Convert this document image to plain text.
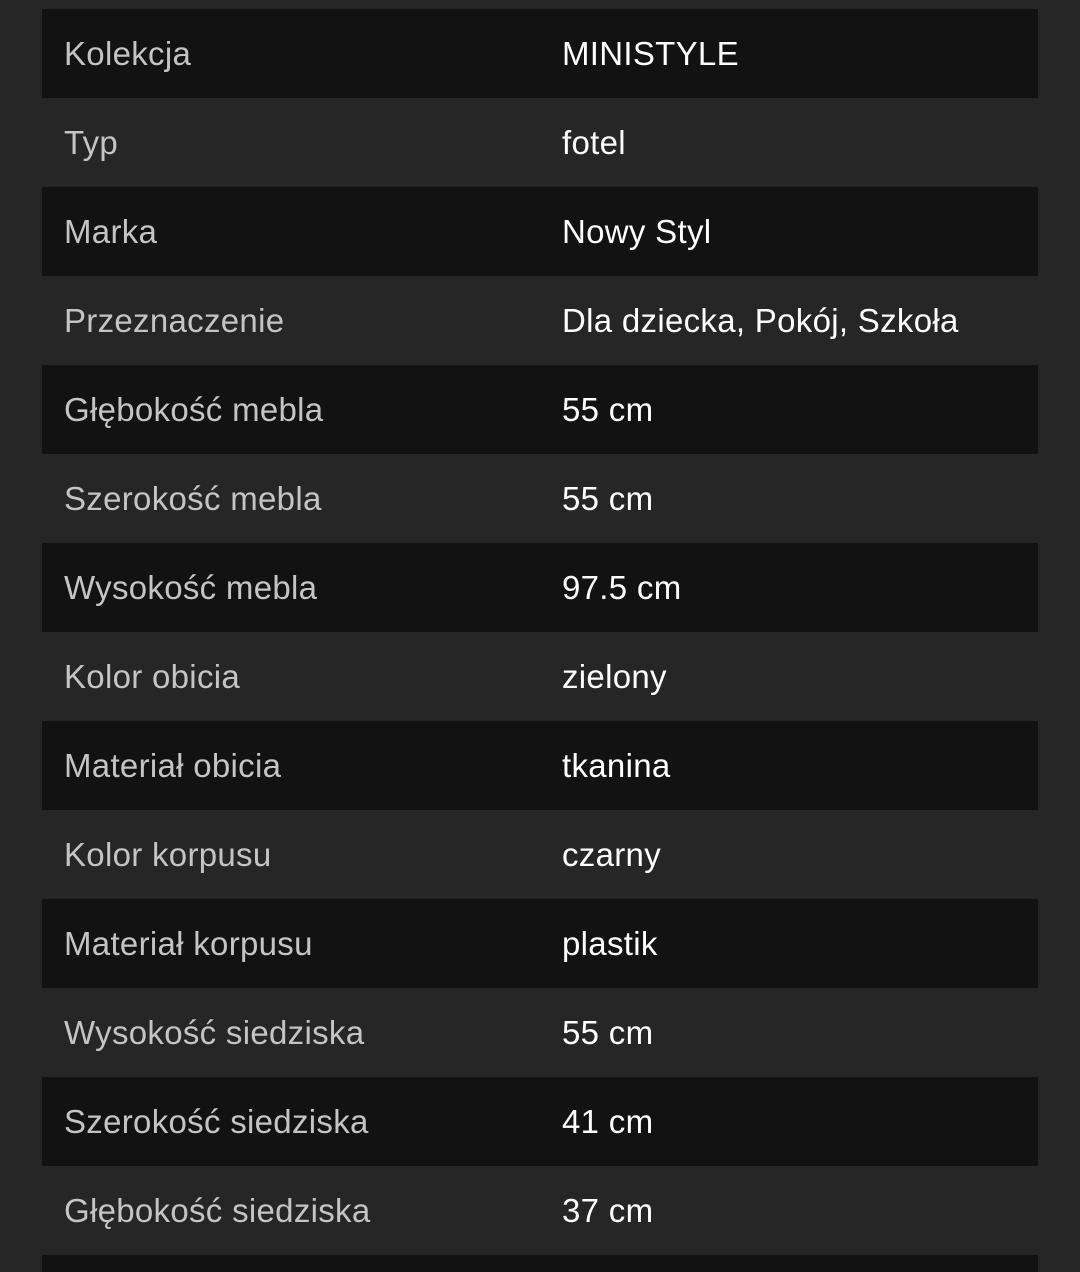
Kolekcja	MINISTYLE
Typ	fotel
Marka	Nowy Styl
Przeznaczenie	Dla dziecka, Pokój, Szkoła
Głębokość mebla	55 cm
Szerokość mebla	55 cm
Wysokość mebla	97.5 cm
Kolor obicia	zielony
Materiał obicia	tkanina
Kolor korpusu	czarny
Materiał korpusu	plastik
Wysokość siedziska	55 cm
Szerokość siedziska	41 cm
Głębokość siedziska	37 cm
